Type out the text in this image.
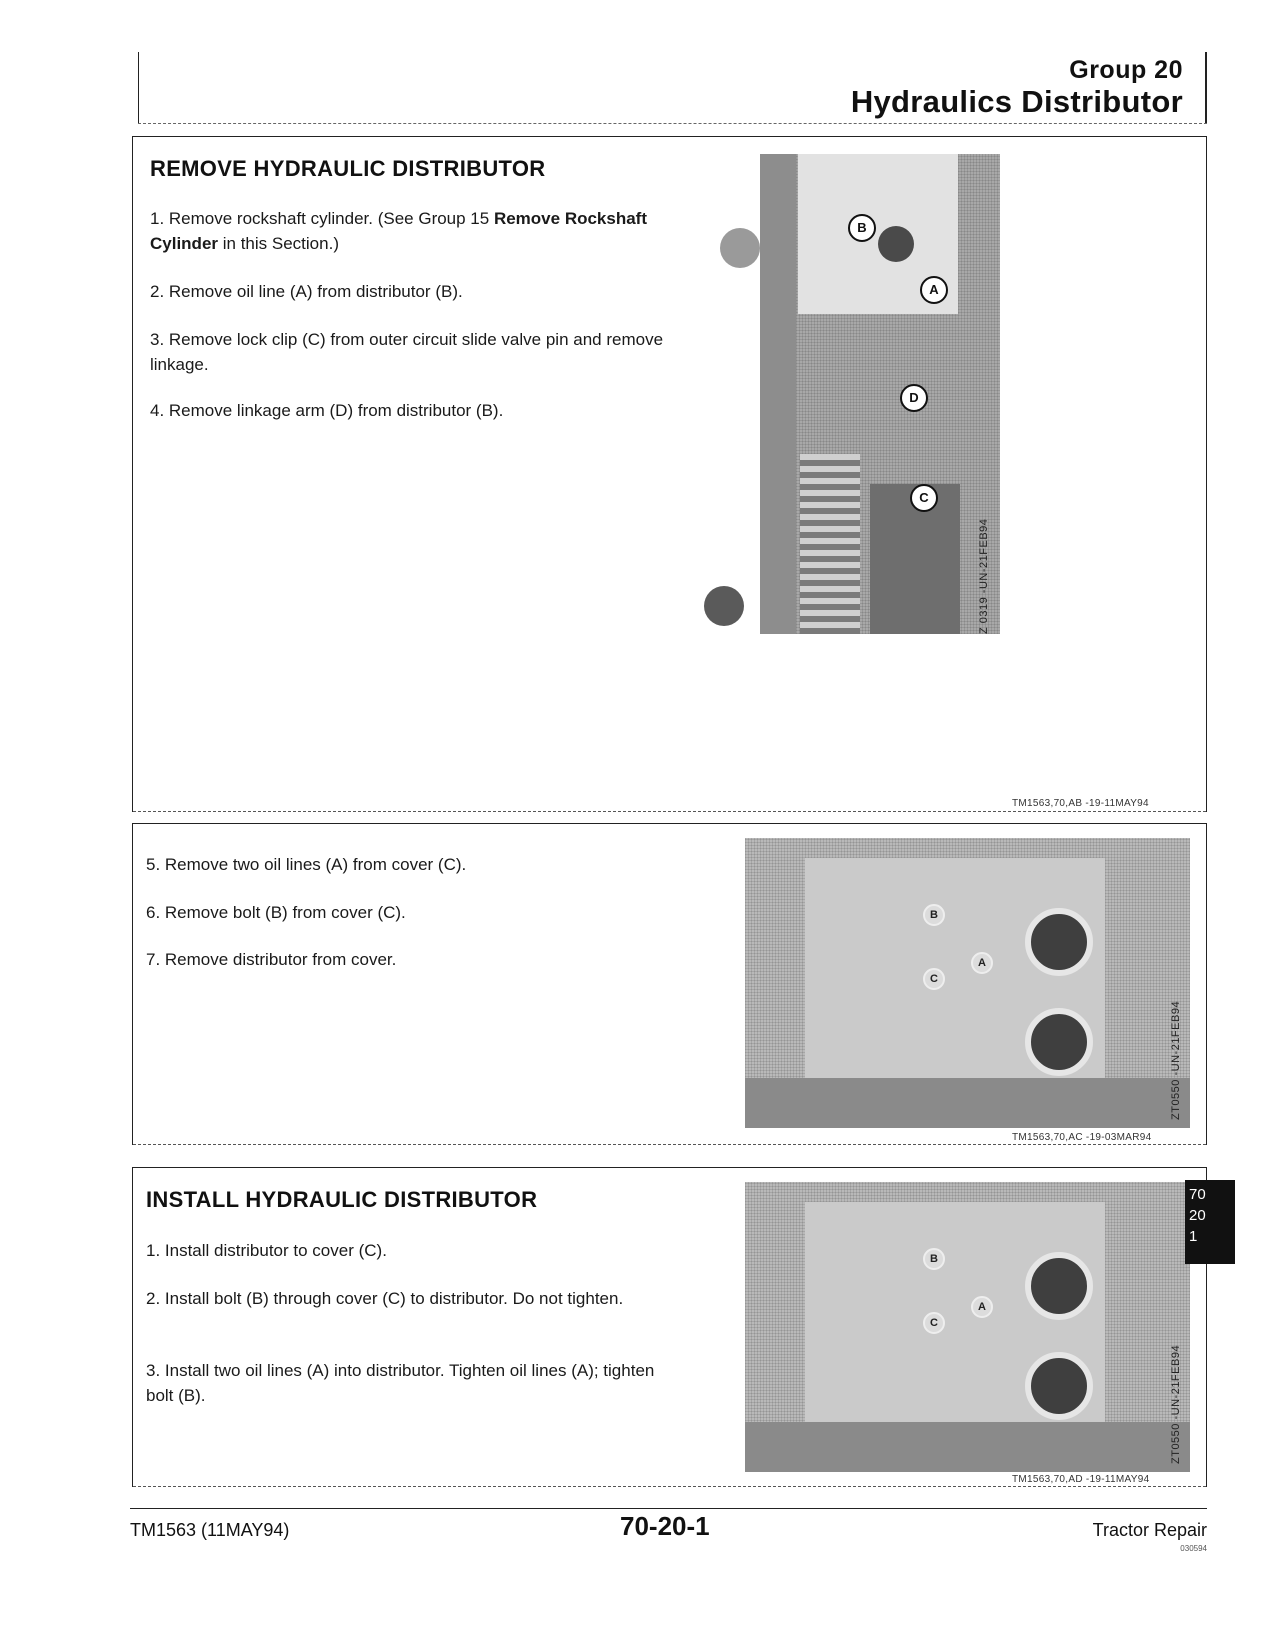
Group 20
Hydraulics Distributor
REMOVE HYDRAULIC DISTRIBUTOR
1. Remove rockshaft cylinder. (See Group 15 Remove Rockshaft Cylinder in this Section.)
2. Remove oil line (A) from distributor (B).
3. Remove lock clip (C) from outer circuit slide valve pin and remove linkage.
4. Remove linkage arm (D) from distributor (B).
B
A
D
C
Z 0319 -UN-21FEB94
TM1563,70,AB -19-11MAY94
5. Remove two oil lines (A) from cover (C).
6. Remove bolt (B) from cover (C).
7. Remove distributor from cover.
B
A
C
ZT0550 -UN-21FEB94
TM1563,70,AC -19-03MAR94
INSTALL HYDRAULIC DISTRIBUTOR
1. Install distributor to cover (C).
2. Install bolt (B) through cover (C) to distributor. Do not tighten.
3. Install two oil lines (A) into distributor. Tighten oil lines (A); tighten bolt (B).
B
A
C
ZT0550 -UN-21FEB94
TM1563,70,AD -19-11MAY94
70
20
1
TM1563 (11MAY94)	70-20-1	Tractor Repair
030594
